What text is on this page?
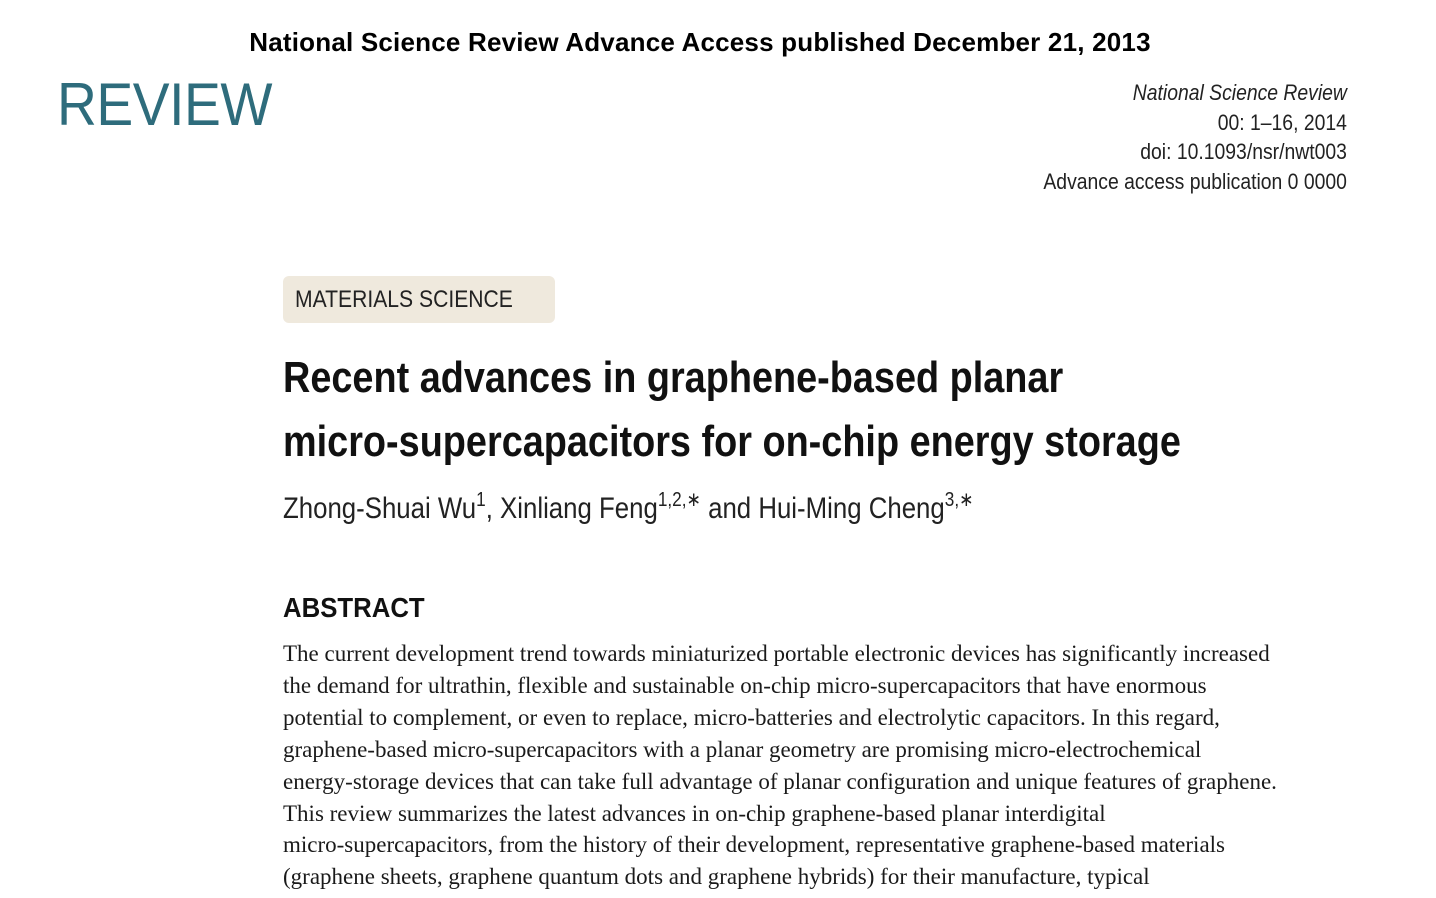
National Science Review Advance Access published December 21, 2013
REVIEW	National Science Review
00: 1–16, 2014
doi: 10.1093/nsr/nwt003
Advance access publication 0 0000
MATERIALS SCIENCE
Recent advances in graphene-based planar
micro-supercapacitors for on-chip energy storage
Zhong-Shuai Wu$^1$, Xinliang Feng$^{1,2,∗}$ and Hui-Ming Cheng$^{3,∗}$
ABSTRACT
The current development trend towards miniaturized portable electronic devices has significantly increased
the demand for ultrathin, flexible and sustainable on-chip micro-supercapacitors that have enormous
potential to complement, or even to replace, micro-batteries and electrolytic capacitors. In this regard,
graphene-based micro-supercapacitors with a planar geometry are promising micro-electrochemical
energy-storage devices that can take full advantage of planar configuration and unique features of graphene.
This review summarizes the latest advances in on-chip graphene-based planar interdigital
micro-supercapacitors, from the history of their development, representative graphene-based materials
(graphene sheets, graphene quantum dots and graphene hybrids) for their manufacture, typical
